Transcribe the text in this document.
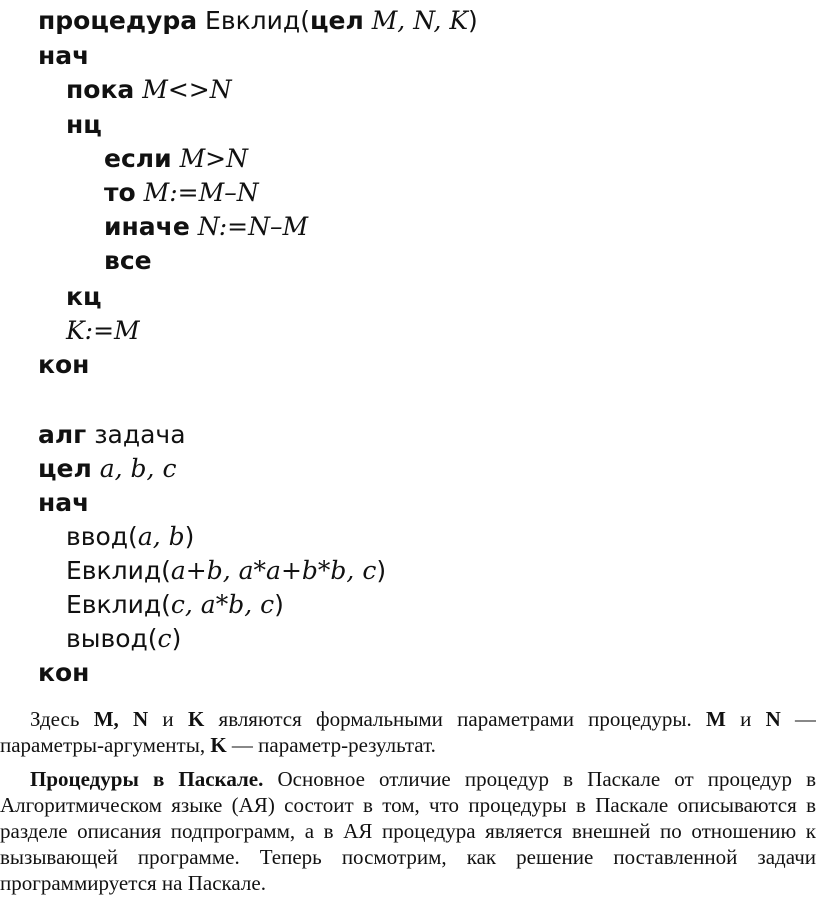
процедура Евклид(цел M, N, K)
нач
пока M<>N
нц
если M>N
то M:=M–N
иначе N:=N–M
все
кц
K:=M
кон
алг задача
цел a, b, c
нач
ввод(a, b)
Евклид(a+b, a*a+b*b, c)
Евклид(c, a*b, c)
вывод(c)
кон

Здесь M, N и K являются формальными параметрами процедуры. M и N — параметры-аргументы, K — параметр-результат.

Процедуры в Паскале. Основное отличие процедур в Паскале от процедур в Алгоритмическом языке (АЯ) состоит в том, что процедуры в Паскале описываются в разделе описания подпрограмм, а в АЯ процедура является внешней по отношению к вызывающей программе. Теперь посмотрим, как решение поставленной задачи программируется на Паскале.
